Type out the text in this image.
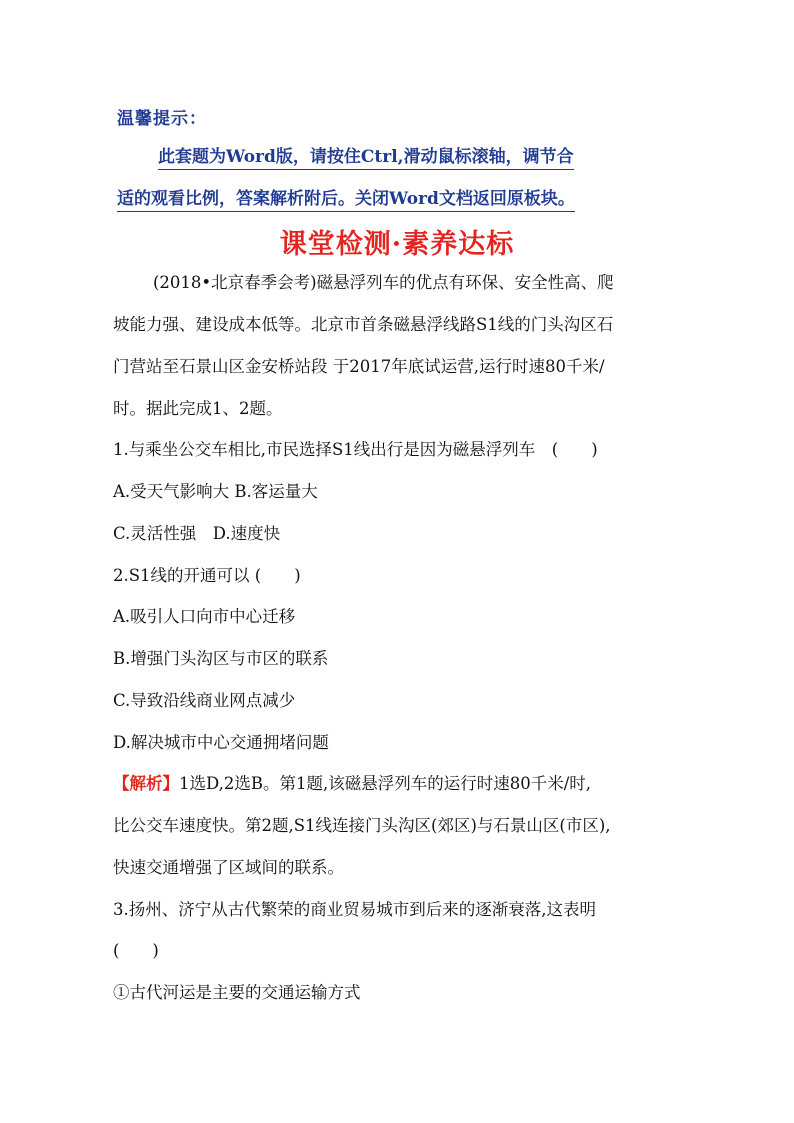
温馨提示：
此套题为Word版，请按住Ctrl,滑动鼠标滚轴，调节合
适的观看比例，答案解析附后。关闭Word文档返回原板块。
课堂检测·素养达标
(2018•北京春季会考)磁悬浮列车的优点有环保、安全性高、爬
坡能力强、建设成本低等。北京市首条磁悬浮线路S1线的门头沟区石
门营站至石景山区金安桥站段 于2017年底试运营,运行时速80千米/
时。据此完成1、2题。
1.与乘坐公交车相比,市民选择S1线出行是因为磁悬浮列车　(　　)
A.受天气影响大 B.客运量大
C.灵活性强　D.速度快
2.S1线的开通可以 (　　)
A.吸引人口向市中心迁移
B.增强门头沟区与市区的联系
C.导致沿线商业网点减少
D.解决城市中心交通拥堵问题
【解析】1选D,2选B。第1题,该磁悬浮列车的运行时速80千米/时,
比公交车速度快。第2题,S1线连接门头沟区(郊区)与石景山区(市区),
快速交通增强了区域间的联系。
3.扬州、济宁从古代繁荣的商业贸易城市到后来的逐渐衰落,这表明
(　　)
①古代河运是主要的交通运输方式
